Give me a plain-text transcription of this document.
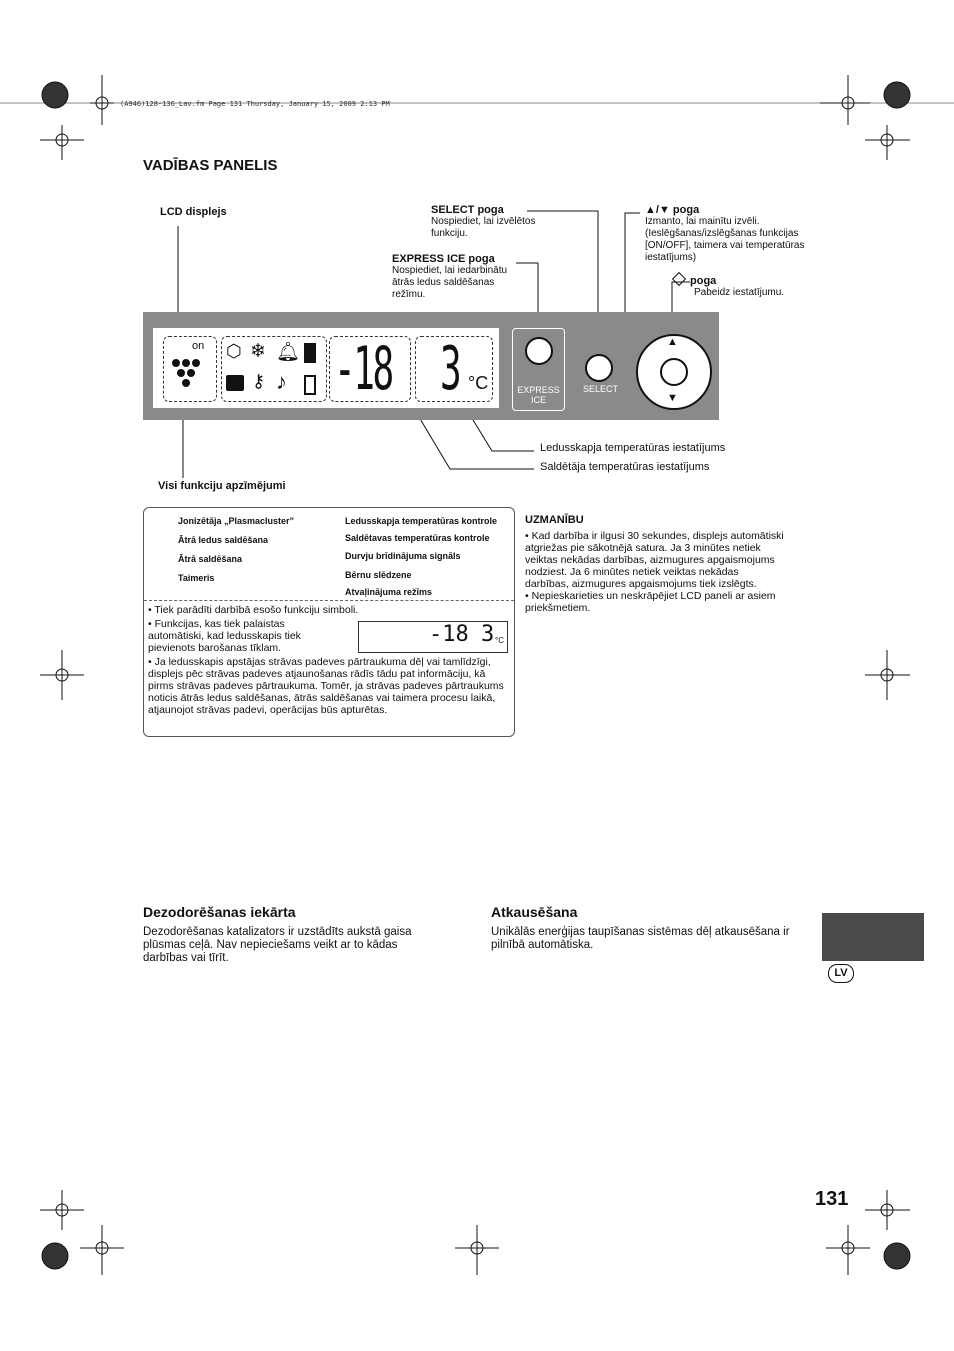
(A946)128-136_Lav.fm Page 131 Thursday, January 15, 2009 2:13 PM
VADĪBAS PANELIS
LCD displejs	SELECT poga
Nospiediet, lai izvēlētos funkciju.
EXPRESS ICE poga
Nospiediet, lai iedarbinātu ātrās ledus saldēšanas režīmu.
▲/▼ poga
Izmanto, lai mainītu izvēli. (Ieslēgšanas/izslēgšanas funkcijas [ON/OFF], taimera vai temperatūras iestatījums)
poga
Pabeidz iestatījumu.
on ⬡ ❄ 🔔︎
⚷ ♪ -18 3 °C	EXPRESS ICE
SELECT
▲
▼
Ledusskapja temperatūras iestatījums
Saldētāja temperatūras iestatījums
Visi funkciju apzīmējumi
Jonizētāja „Plasmacluster”
Ātrā ledus saldēšana
Ātrā saldēšana
Taimeris
Ledusskapja temperatūras kontrole
Saldētavas temperatūras kontrole
Durvju brīdinājuma signāls
Bērnu slēdzene
Atvaļinājuma režīms
• Tiek parādīti darbībā esošo funkciju simboli.
• Funkcijas, kas tiek palaistas automātiski, kad ledusskapis tiek pievienots barošanas tīklam.
-18 3 °C
• Ja ledusskapis apstājas strāvas padeves pārtraukuma dēļ vai tamlīdzīgi, displejs pēc strāvas padeves atjaunošanas rādīs tādu pat informāciju, kā pirms strāvas padeves pārtraukuma. Tomēr, ja strāvas padeves pārtraukums noticis ātrās ledus saldēšanas, ātrās saldēšanas vai taimera procesu laikā, atjaunojot strāvas padevi, operācijas būs apturētas.
UZMANĪBU
• Kad darbība ir ilgusi 30 sekundes, displejs automātiski atgriežas pie sākotnējā satura. Ja 3 minūtes netiek veiktas nekādas darbības, aizmugures apgaismojums nodziest. Ja 6 minūtes netiek veiktas nekādas darbības, aizmugures apgaismojums tiek izslēgts.
• Nepieskarieties un neskrāpējiet LCD paneli ar asiem priekšmetiem.
Dezodorēšanas iekārta
Dezodorēšanas katalizators ir uzstādīts aukstā gaisa plūsmas ceļā. Nav nepieciešams veikt ar to kādas darbības vai tīrīt.
Atkausēšana
Unikālās enerģijas taupīšanas sistēmas dēļ atkausēšana ir pilnībā automātiska.
LV
131
